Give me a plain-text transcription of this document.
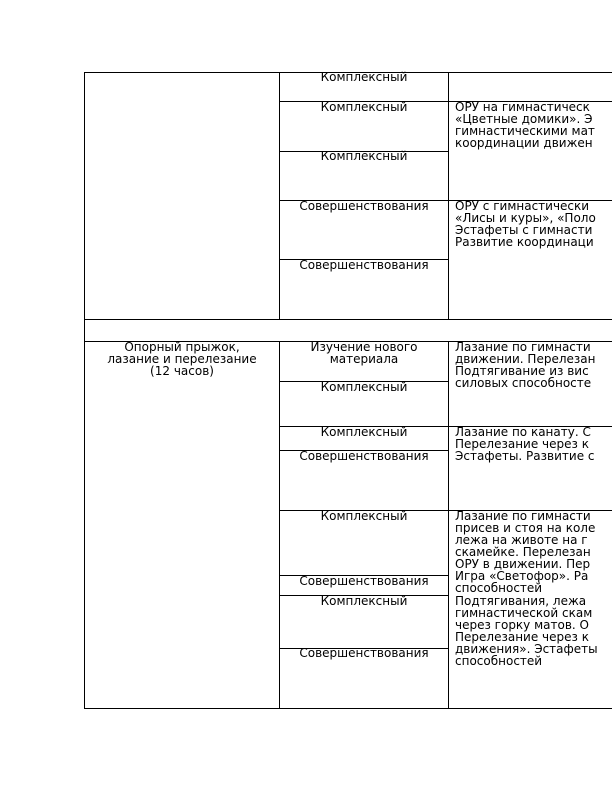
Комплексный
Комплексный
Комплексный
Совершенствования
Совершенствования
ОРУ на гимнастическ
«Цветные домики». Э
гимнастическими мат
координации движен
ОРУ с гимнастически
«Лисы и куры», «Поло
Эстафеты с гимнасти
Развитие координаци
Опорный прыжок,
лазание и перелезание
(12 часов)
Изучение нового
материала
Комплексный
Комплексный
Совершенствования
Комплексный
Совершенствования
Комплексный
Совершенствования
Лазание по гимнасти
движении. Перелезан
Подтягивание из вис
силовых способносте
Лазание по канату. С
Перелезание через к
Эстафеты. Развитие с
Лазание по гимнасти
присев и стоя на коле
лежа на животе на г
скамейке. Перелезан
ОРУ в движении. Пер
Игра «Светофор». Ра
способностей
Подтягивания, лежа
гимнастической скам
через горку матов. О
Перелезание через к
движения». Эстафеты
способностей
